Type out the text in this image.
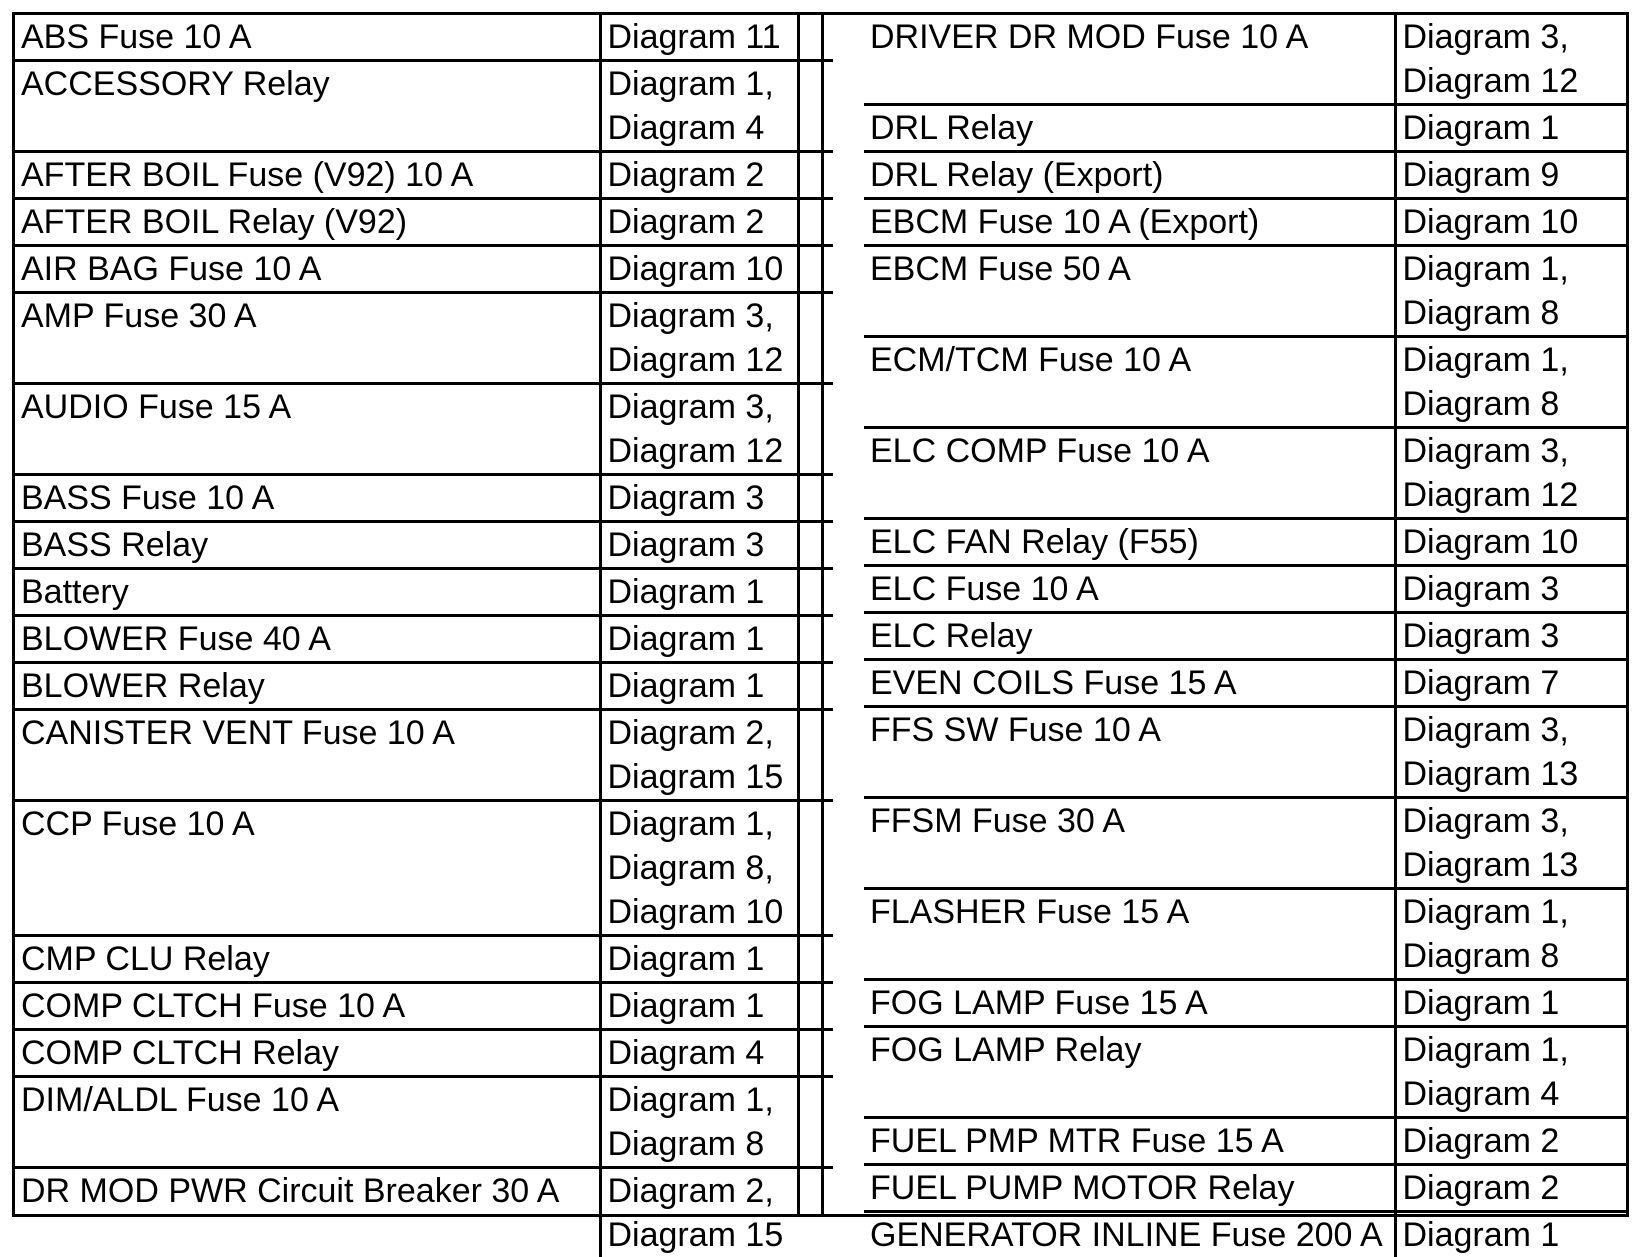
ABS Fuse 10 A	Diagram 11

ACCESSORY Relay	Diagram 1,
Diagram 4

AFTER BOIL Fuse (V92) 10 A	Diagram 2

AFTER BOIL Relay (V92)	Diagram 2

AIR BAG Fuse 10 A	Diagram 10

AMP Fuse 30 A	Diagram 3,
Diagram 12

AUDIO Fuse 15 A	Diagram 3,
Diagram 12

BASS Fuse 10 A	Diagram 3

BASS Relay	Diagram 3

Battery	Diagram 1

BLOWER Fuse 40 A	Diagram 1

BLOWER Relay	Diagram 1

CANISTER VENT Fuse 10 A	Diagram 2,
Diagram 15

CCP Fuse 10 A	Diagram 1,
Diagram 8,
Diagram 10

CMP CLU Relay	Diagram 1

COMP CLTCH Fuse 10 A	Diagram 1

COMP CLTCH Relay	Diagram 4

DIM/ALDL Fuse 10 A	Diagram 1,
Diagram 8

DR MOD PWR Circuit Breaker 30 A	Diagram 2,
Diagram 15
DRIVER DR MOD Fuse 10 A	Diagram 3,
Diagram 12

DRL Relay	Diagram 1

DRL Relay (Export)	Diagram 9

EBCM Fuse 10 A (Export)	Diagram 10

EBCM Fuse 50 A	Diagram 1,
Diagram 8

ECM/TCM Fuse 10 A	Diagram 1,
Diagram 8

ELC COMP Fuse 10 A	Diagram 3,
Diagram 12

ELC FAN Relay (F55)	Diagram 10

ELC Fuse 10 A	Diagram 3

ELC Relay	Diagram 3

EVEN COILS Fuse 15 A	Diagram 7

FFS SW Fuse 10 A	Diagram 3,
Diagram 13

FFSM Fuse 30 A	Diagram 3,
Diagram 13

FLASHER Fuse 15 A	Diagram 1,
Diagram 8

FOG LAMP Fuse 15 A	Diagram 1

FOG LAMP Relay	Diagram 1,
Diagram 4

FUEL PMP MTR Fuse 15 A	Diagram 2

FUEL PUMP MOTOR Relay	Diagram 2

GENERATOR INLINE Fuse 200 A	Diagram 1
